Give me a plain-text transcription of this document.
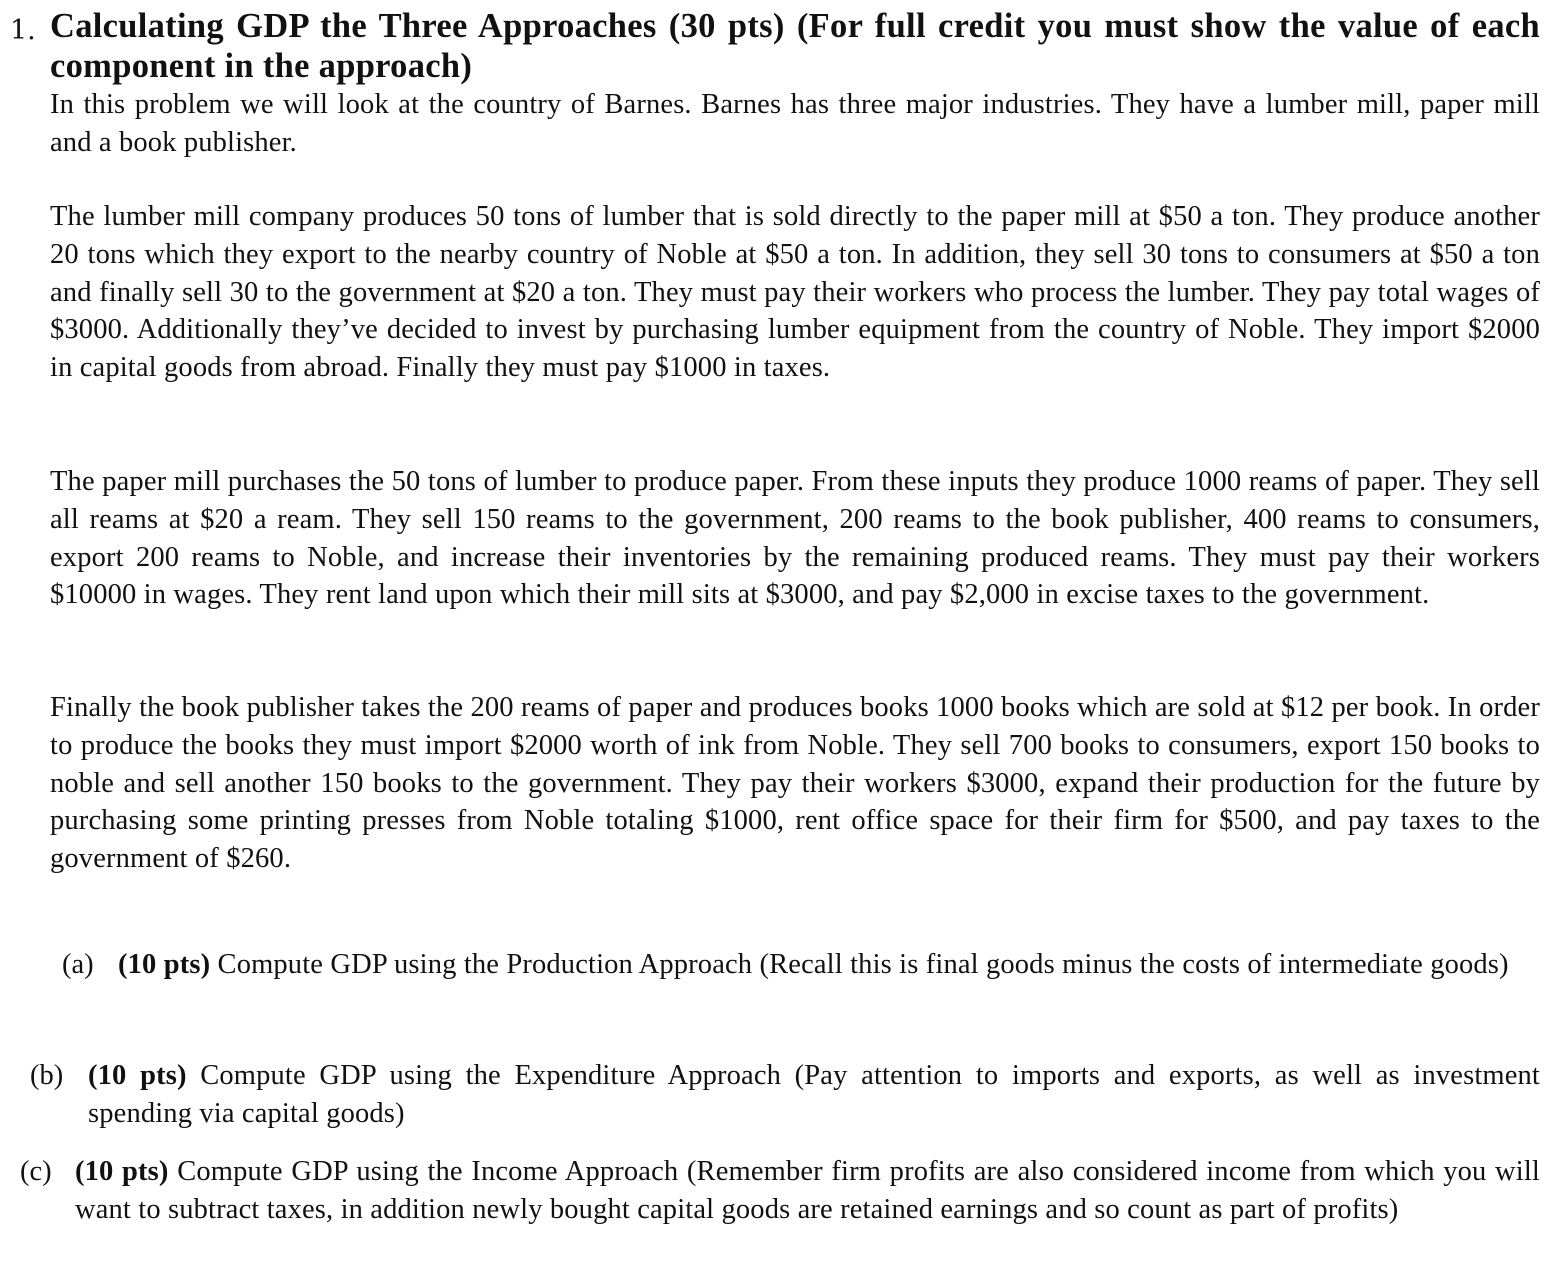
1. Calculating GDP the Three Approaches (30 pts) (For full credit you must show the value of each component in the approach)
In this problem we will look at the country of Barnes. Barnes has three major industries. They have a lumber mill, paper mill and a book publisher.
The lumber mill company produces 50 tons of lumber that is sold directly to the paper mill at $50 a ton. They produce another 20 tons which they export to the nearby country of Noble at $50 a ton. In addition, they sell 30 tons to consumers at $50 a ton and finally sell 30 to the government at $20 a ton. They must pay their workers who process the lumber. They pay total wages of $3000. Additionally they’ve decided to invest by purchasing lumber equipment from the country of Noble. They import $2000 in capital goods from abroad. Finally they must pay $1000 in taxes.
The paper mill purchases the 50 tons of lumber to produce paper. From these inputs they produce 1000 reams of paper. They sell all reams at $20 a ream. They sell 150 reams to the government, 200 reams to the book publisher, 400 reams to consumers, export 200 reams to Noble, and increase their inventories by the remaining produced reams. They must pay their workers $10000 in wages. They rent land upon which their mill sits at $3000, and pay $2,000 in excise taxes to the government.
Finally the book publisher takes the 200 reams of paper and produces books 1000 books which are sold at $12 per book. In order to produce the books they must import $2000 worth of ink from Noble. They sell 700 books to consumers, export 150 books to noble and sell another 150 books to the government. They pay their workers $3000, expand their production for the future by purchasing some printing presses from Noble totaling $1000, rent office space for their firm for $500, and pay taxes to the government of $260.
(a) (10 pts) Compute GDP using the Production Approach (Recall this is final goods minus the costs of intermediate goods)
(b) (10 pts) Compute GDP using the Expenditure Approach (Pay attention to imports and exports, as well as investment spending via capital goods)
(c) (10 pts) Compute GDP using the Income Approach (Remember firm profits are also considered income from which you will want to subtract taxes, in addition newly bought capital goods are retained earnings and so count as part of profits)
